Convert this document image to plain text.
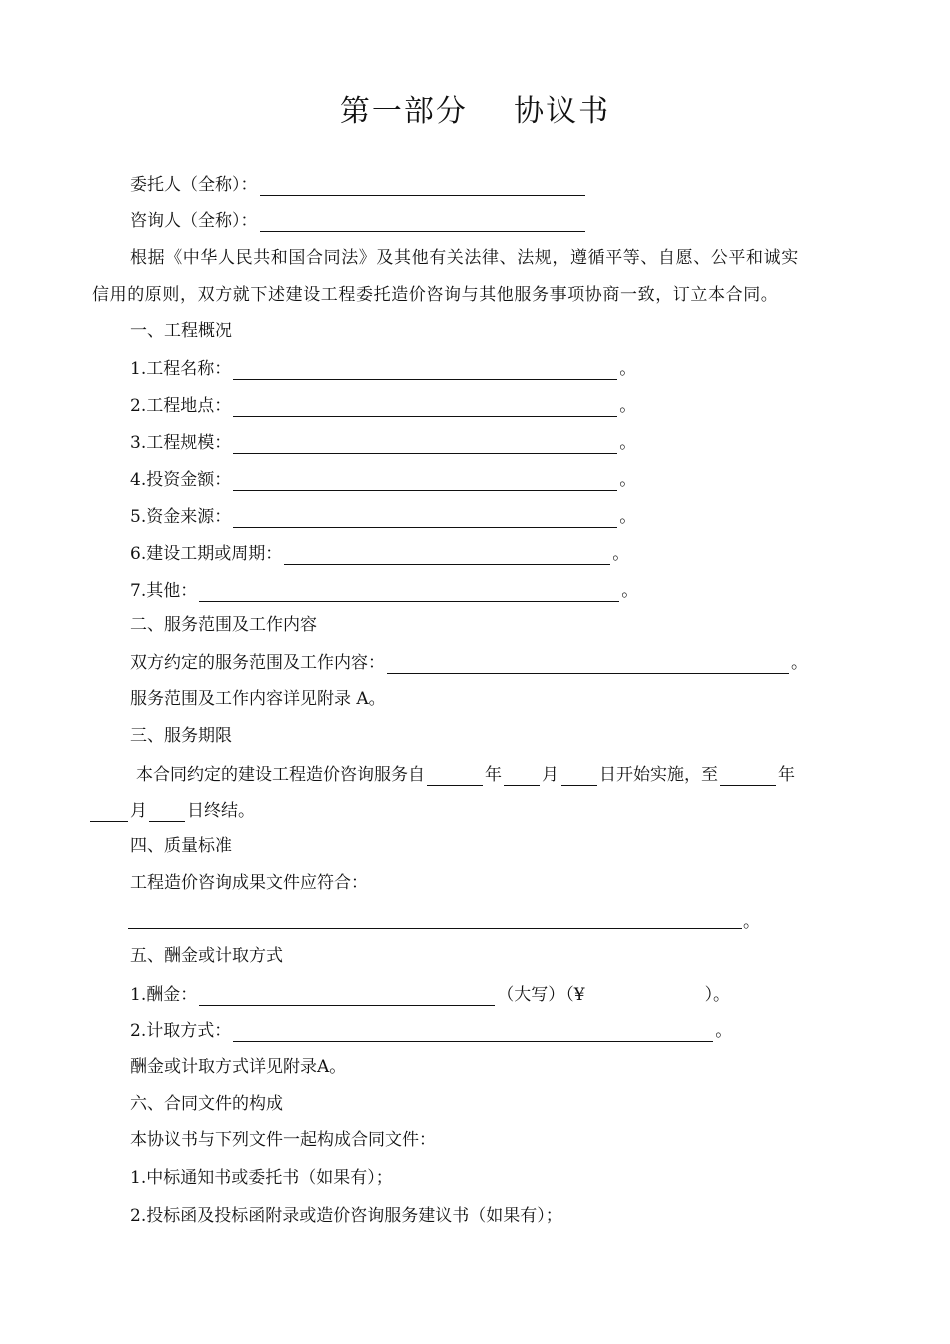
第一部分    协议书
委托人（全称）：
咨询人（全称）：
根据《中华人民共和国合同法》及其他有关法律、法规，遵循平等、自愿、公平和诚实
信用的原则，双方就下述建设工程委托造价咨询与其他服务事项协商一致，订立本合同。
一、工程概况
1.工程名称：	。
2.工程地点：	。
3.工程规模：	。
4.投资金额：	。
5.资金来源：	。
6.建设工期或周期：	。
7.其他：	。
二、服务范围及工作内容
双方约定的服务范围及工作内容：	。
服务范围及工作内容详见附录 A。
三、服务期限
本合同约定的建设工程造价咨询服务自	年 月 日开始实施，至	年
月 日终结。
四、质量标准
工程造价咨询成果文件应符合：
。
五、酬金或计取方式
1.酬金：	（大写）（¥	）。
2.计取方式：	。
酬金或计取方式详见附录A。
六、合同文件的构成
本协议书与下列文件一起构成合同文件：
1.中标通知书或委托书（如果有）；
2.投标函及投标函附录或造价咨询服务建议书（如果有）；
